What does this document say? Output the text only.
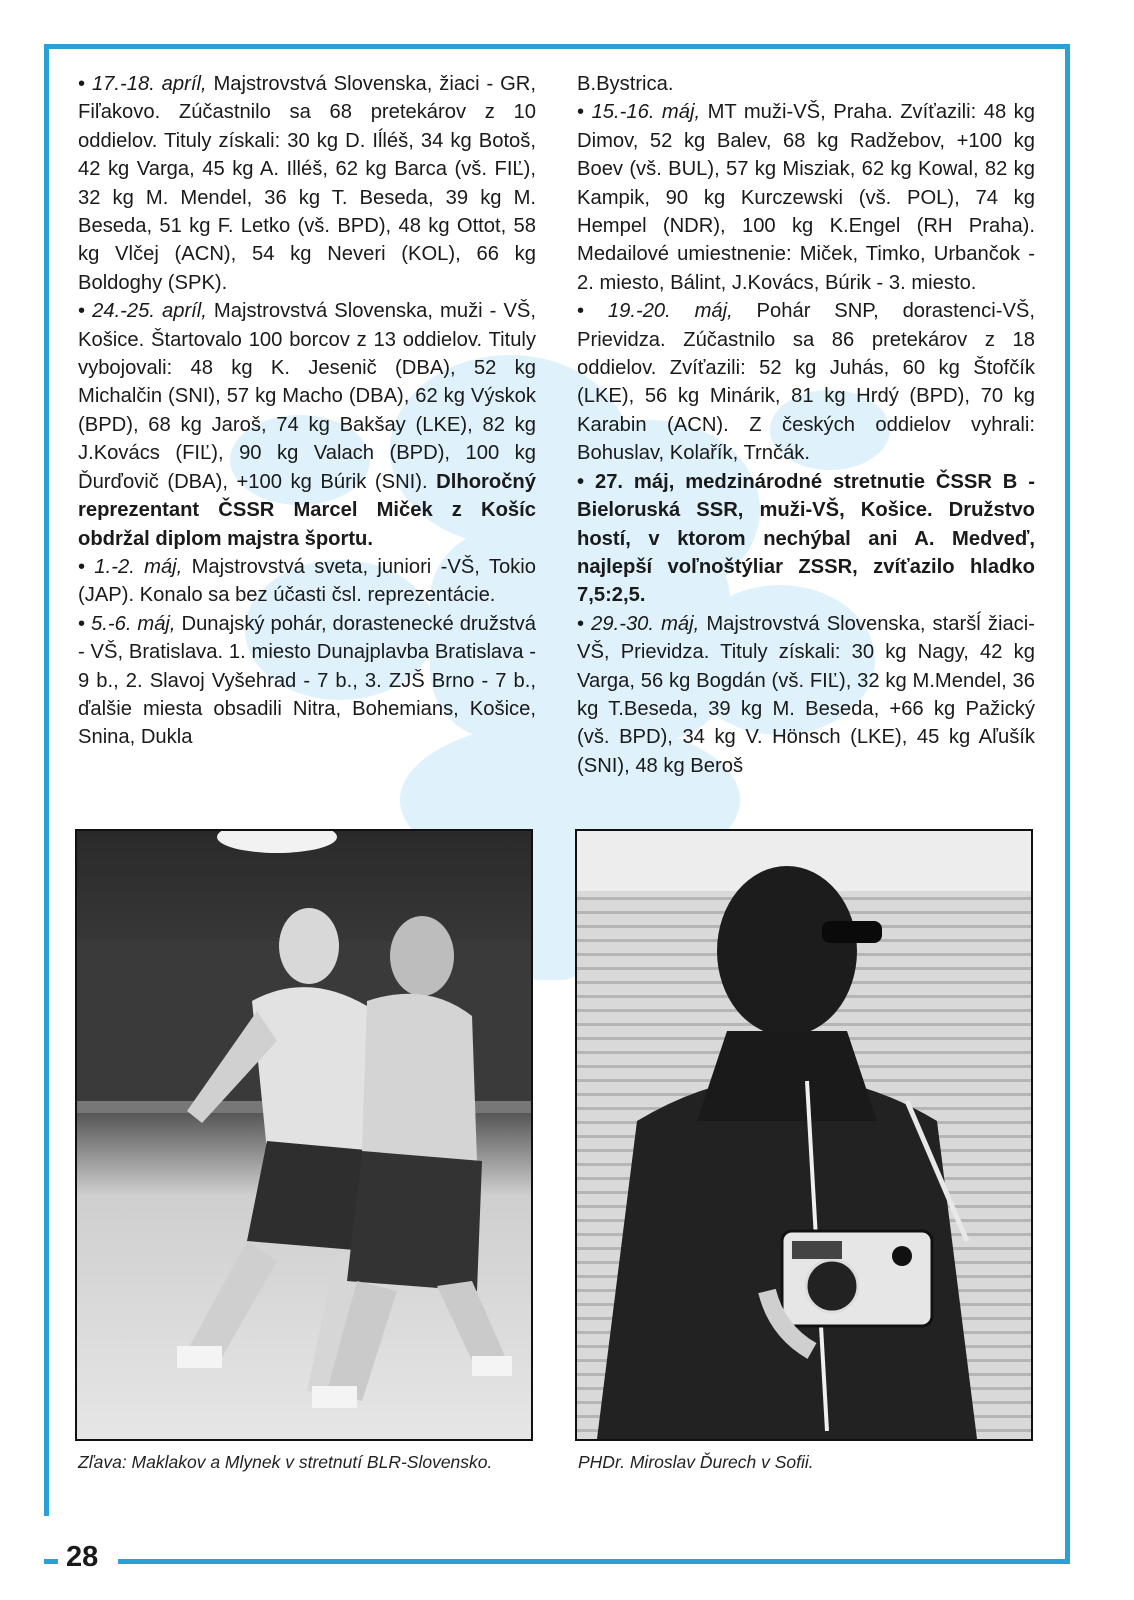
28

• 17.-18. apríl, Majstrovstvá Slovenska, žiaci - GR, Fiľakovo. Zúčastnilo sa 68 pretekárov z 10 oddielov. Tituly získali: 30 kg D. Iĺléš, 34 kg Botoš, 42 kg Varga, 45 kg A. Illéš, 62 kg Barca (vš. FIĽ), 32 kg M. Mendel, 36 kg T. Beseda, 39 kg M. Beseda, 51 kg F. Letko (vš. BPD), 48 kg Ottot, 58 kg Vlčej (ACN), 54 kg Neveri (KOL), 66 kg Boldoghy (SPK).

• 24.-25. apríl, Majstrovstvá Slovenska, muži - VŠ, Košice. Štartovalo 100 borcov z 13 oddielov. Tituly vybojovali: 48 kg K. Jesenič (DBA), 52 kg Michalčin (SNI), 57 kg Macho (DBA), 62 kg Výskok (BPD), 68 kg Jaroš, 74 kg Bakšay (LKE), 82 kg J.Kovács (FIĽ), 90 kg Valach (BPD), 100 kg Ďurďovič (DBA), +100 kg Búrik (SNI). Dlhoročný reprezentant ČSSR Marcel Miček z Košíc obdržal diplom majstra športu.

• 1.-2. máj, Majstrovstvá sveta, juniori -VŠ, Tokio (JAP). Konalo sa bez účasti čsl. reprezentácie.

• 5.-6. máj, Dunajský pohár, dorastenecké družstvá - VŠ, Bratislava. 1. miesto Dunajplavba Bratislava - 9 b., 2. Slavoj Vyšehrad - 7 b., 3. ZJŠ Brno - 7 b., ďalšie miesta obsadili Nitra, Bohemians, Košice, Snina, Dukla

B.Bystrica.

• 15.-16. máj, MT muži-VŠ, Praha. Zvíťazili: 48 kg Dimov, 52 kg Balev, 68 kg Radžebov, +100 kg Boev (vš. BUL), 57 kg Misziak, 62 kg Kowal, 82 kg Kampik, 90 kg Kurczewski (vš. POL), 74 kg Hempel (NDR), 100 kg K.Engel (RH Praha). Medailové umiestnenie: Miček, Timko, Urbančok - 2. miesto, Bálint, J.Kovács, Búrik - 3. miesto.

• 19.-20. máj, Pohár SNP, dorastenci-VŠ, Prievidza. Zúčastnilo sa 86 pretekárov z 18 oddielov. Zvíťazili: 52 kg Juhás, 60 kg Štofčík (LKE), 56 kg Minárik, 81 kg Hrdý (BPD), 70 kg Karabin (ACN). Z českých oddielov vyhrali: Bohuslav, Kolařík, Trnčák.

• 27. máj, medzinárodné stretnutie ČSSR B - Bieloruská SSR, muži-VŠ, Košice. Družstvo hostí, v ktorom nechýbal ani A. Medveď, najlepší voľnoštýliar ZSSR, zvíťazilo hladko 7,5:2,5.

• 29.-30. máj, Majstrovstvá Slovenska, staršĺ žiaci-VŠ, Prievidza. Tituly získali: 30 kg Nagy, 42 kg Varga, 56 kg Bogdán (vš. FIĽ), 32 kg M.Mendel, 36 kg T.Beseda, 39 kg M. Beseda, +66 kg Pažický (vš. BPD), 34 kg V. Hönsch (LKE), 45 kg Aľušík (SNI), 48 kg Beroš

Zľava: Maklakov a Mlynek v stretnutí BLR-Slovensko.	PHDr. Miroslav Ďurech v Sofii.
